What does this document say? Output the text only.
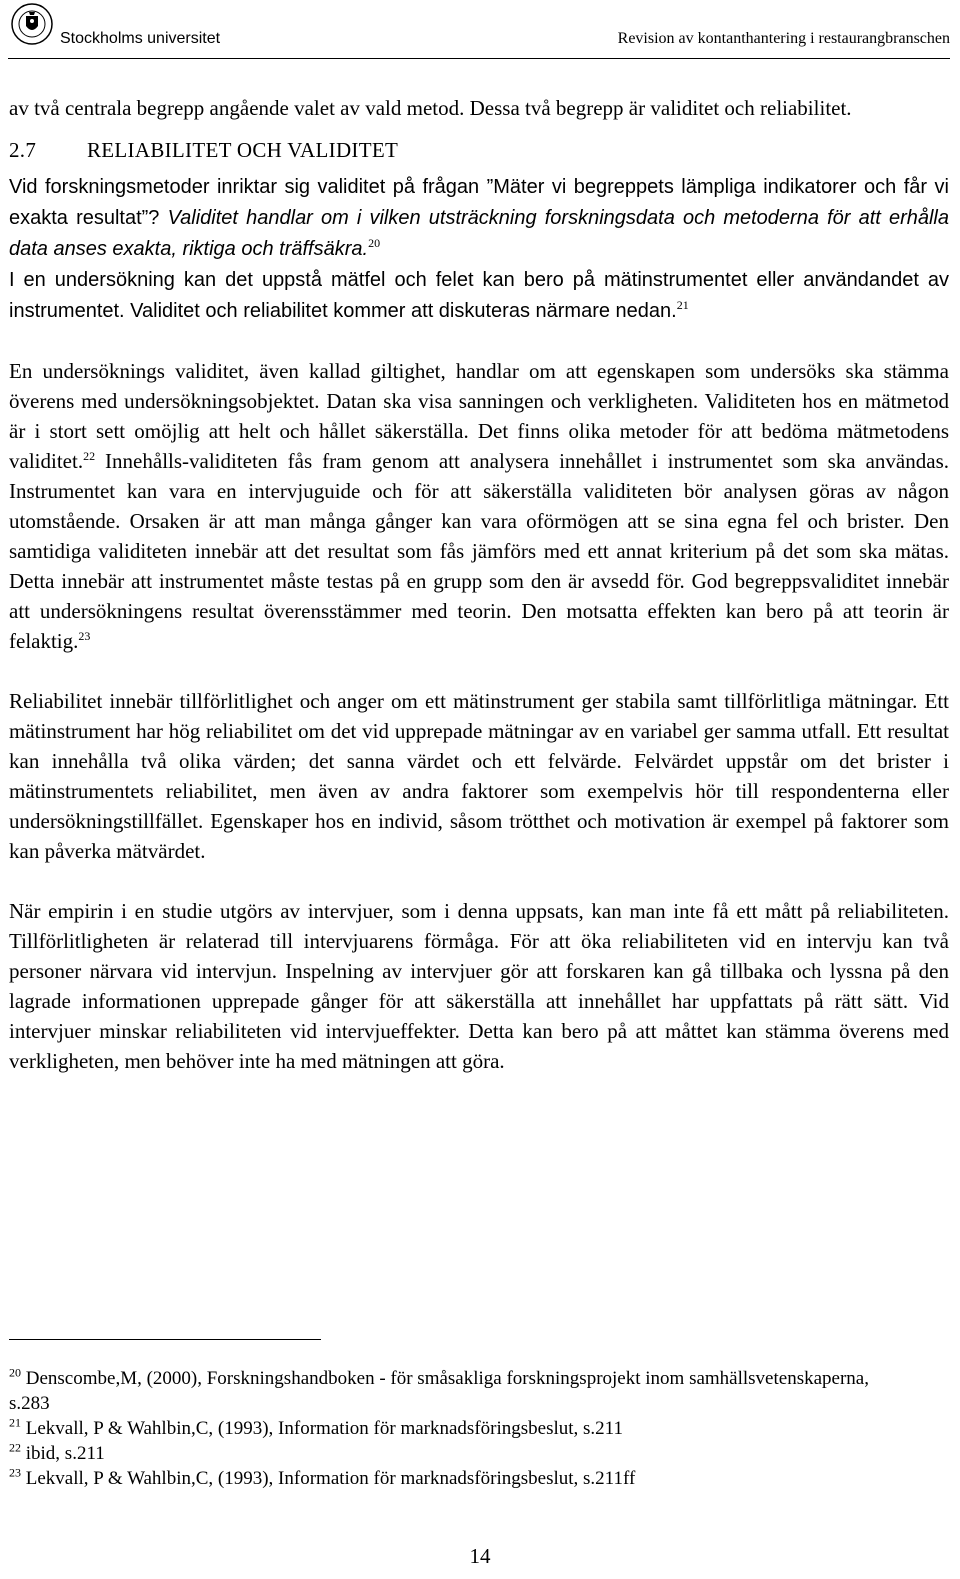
Stockholms universitet	Revision av kontanthantering i restaurangbranschen

av två centrala begrepp angående valet av vald metod. Dessa två begrepp är validitet och reliabilitet.

2.7 RELIABILITET OCH VALIDITET

Vid forskningsmetoder inriktar sig validitet på frågan ”Mäter vi begreppets lämpliga indikatorer och får vi exakta resultat”? Validitet handlar om i vilken utsträckning forskningsdata och metoderna för att erhålla data anses exakta, riktiga och träffsäkra.$^{20}$
I en undersökning kan det uppstå mätfel och felet kan bero på mätinstrumentet eller användandet av instrumentet. Validitet och reliabilitet kommer att diskuteras närmare nedan.$^{21}$

En undersöknings validitet, även kallad giltighet, handlar om att egenskapen som undersöks ska stämma överens med undersökningsobjektet. Datan ska visa sanningen och verkligheten. Validiteten hos en mätmetod är i stort sett omöjlig att helt och hållet säkerställa. Det finns olika metoder för att bedöma mätmetodens validitet.$^{22}$ Innehålls-validiteten fås fram genom att analysera innehållet i instrumentet som ska användas. Instrumentet kan vara en intervjuguide och för att säkerställa validiteten bör analysen göras av någon utomstående. Orsaken är att man många gånger kan vara oförmögen att se sina egna fel och brister. Den samtidiga validiteten innebär att det resultat som fås jämförs med ett annat kriterium på det som ska mätas. Detta innebär att instrumentet måste testas på en grupp som den är avsedd för. God begreppsvaliditet innebär att undersökningens resultat överensstämmer med teorin. Den motsatta effekten kan bero på att teorin är felaktig.$^{23}$

Reliabilitet innebär tillförlitlighet och anger om ett mätinstrument ger stabila samt tillförlitliga mätningar. Ett mätinstrument har hög reliabilitet om det vid upprepade mätningar av en variabel ger samma utfall. Ett resultat kan innehålla två olika värden; det sanna värdet och ett felvärde. Felvärdet uppstår om det brister i mätinstrumentets reliabilitet, men även av andra faktorer som exempelvis hör till respondenterna eller undersökningstillfället. Egenskaper hos en individ, såsom trötthet och motivation är exempel på faktorer som kan påverka mätvärdet.

När empirin i en studie utgörs av intervjuer, som i denna uppsats, kan man inte få ett mått på reliabiliteten. Tillförlitligheten är relaterad till intervjuarens förmåga. För att öka reliabiliteten vid en intervju kan två personer närvara vid intervjun. Inspelning av intervjuer gör att forskaren kan gå tillbaka och lyssna på den lagrade informationen upprepade gånger för att säkerställa att innehållet har uppfattats på rätt sätt. Vid intervjuer minskar reliabiliteten vid intervjueffekter. Detta kan bero på att måttet kan stämma överens med verkligheten, men behöver inte ha med mätningen att göra.

$^{20}$ Denscombe,M, (2000), Forskningshandboken - för småsakliga forskningsprojekt inom samhällsvetenskaperna, s.283

$^{21}$ Lekvall, P & Wahlbin,C, (1993), Information för marknadsföringsbeslut, s.211

$^{22}$ ibid, s.211

$^{23}$ Lekvall, P & Wahlbin,C, (1993), Information för marknadsföringsbeslut, s.211ff

14
